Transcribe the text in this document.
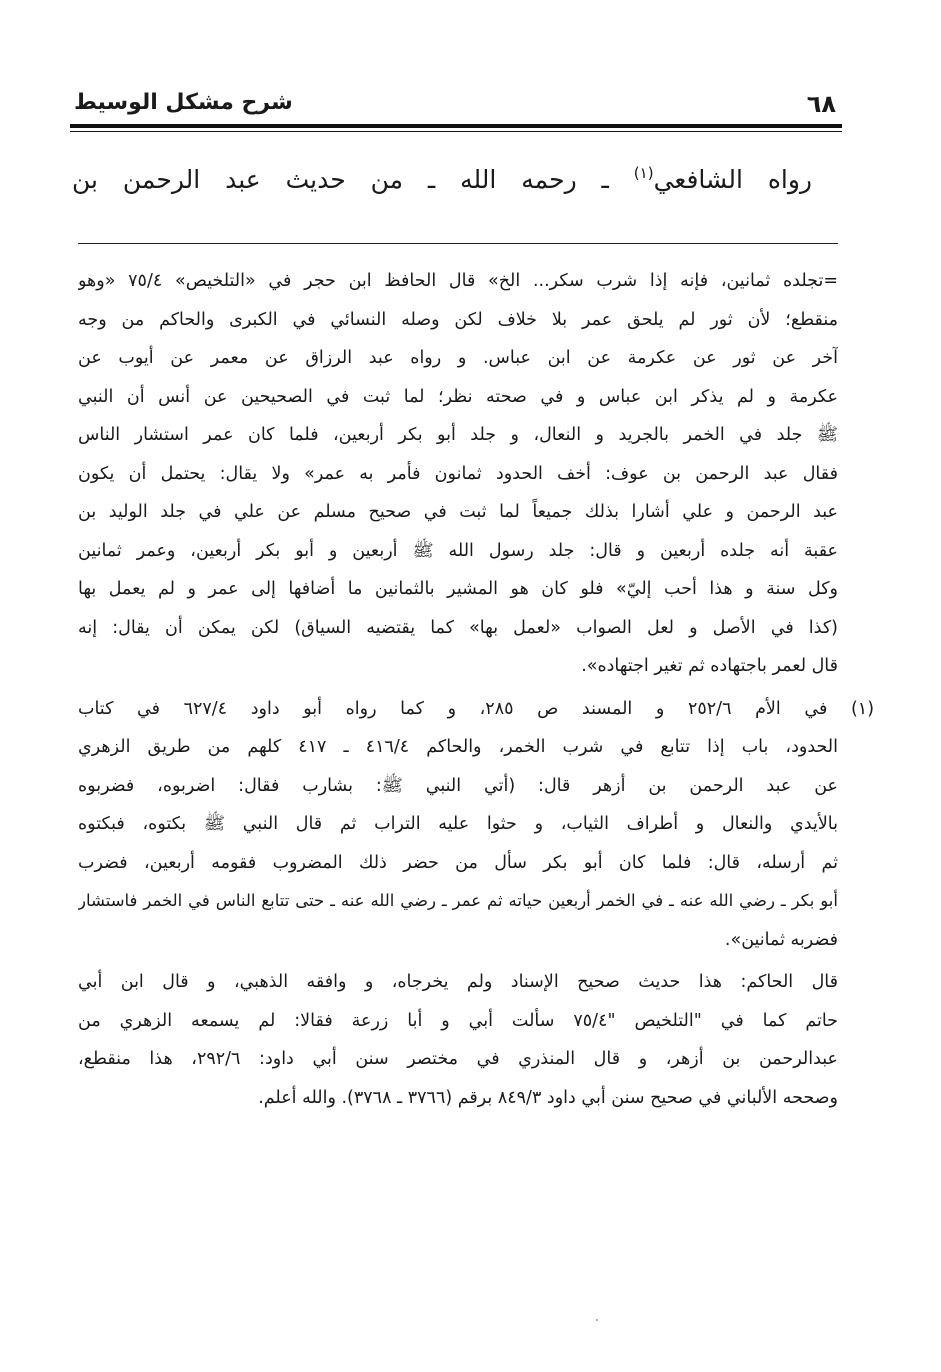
٦٨
شرح مشكل الوسيط
رواه الشافعي$^{(١)}$ ـ رحمه الله ـ من حديث عبد الرحمن بن
=تجلده ثمانين، فإنه إذا شرب سكر... الخ» قال الحافظ ابن حجر في «التلخيص» ٧٥/٤ «وهو
منقطع؛ لأن ثور لم يلحق عمر بلا خلاف لكن وصله النسائي في الكبرى والحاكم من وجه
آخر عن ثور عن عكرمة عن ابن عباس. و رواه عبد الرزاق عن معمر عن أيوب عن
عكرمة و لم يذكر ابن عباس و في صحته نظر؛ لما ثبت في الصحيحين عن أنس أن النبي
ﷺ جلد في الخمر بالجريد و النعال، و جلد أبو بكر أربعين، فلما كان عمر استشار الناس
فقال عبد الرحمن بن عوف: أخف الحدود ثمانون فأمر به عمر» ولا يقال: يحتمل أن يكون
عبد الرحمن و علي أشارا بذلك جميعاً لما ثبت في صحيح مسلم عن علي في جلد الوليد بن
عقبة أنه جلده أربعين و قال: جلد رسول الله ﷺ أربعين و أبو بكر أربعين، وعمر ثمانين
وكل سنة و هذا أحب إليّ» فلو كان هو المشير بالثمانين ما أضافها إلى عمر و لم يعمل بها
(كذا في الأصل و لعل الصواب «لعمل بها» كما يقتضيه السياق) لكن يمكن أن يقال: إنه
قال لعمر باجتهاده ثم تغير اجتهاده».
(١) في الأم ٢٥٢/٦ و المسند ص ٢٨٥، و كما رواه أبو داود ٦٢٧/٤ في كتاب
الحدود، باب إذا تتابع في شرب الخمر، والحاكم ٤١٦/٤ ـ ٤١٧ كلهم من طريق الزهري
عن عبد الرحمن بن أزهر قال: (أتي النبي ﷺ: بشارب فقال: اضربوه، فضربوه
بالأيدي والنعال و أطراف الثياب، و حثوا عليه التراب ثم قال النبي ﷺ بكتوه، فبكتوه
ثم أرسله، قال: فلما كان أبو بكر سأل من حضر ذلك المضروب فقومه أربعين، فضرب
أبو بكر ـ رضي الله عنه ـ في الخمر أربعين حياته ثم عمر ـ رضي الله عنه ـ حتى تتابع الناس في الخمر فاستشار
فضربه ثمانين».
قال الحاكم: هذا حديث صحيح الإسناد ولم يخرجاه، و وافقه الذهبي، و قال ابن أبي
حاتم كما في "التلخيص "٧٥/٤ سألت أبي و أبا زرعة فقالا: لم يسمعه الزهري من
عبدالرحمن بن أزهر، و قال المنذري في مختصر سنن أبي داود: ٢٩٢/٦، هذا منقطع،
وصححه الألباني في صحيح سنن أبي داود ٨٤٩/٣ برقم (٣٧٦٦ ـ ٣٧٦٨). والله أعلم.
